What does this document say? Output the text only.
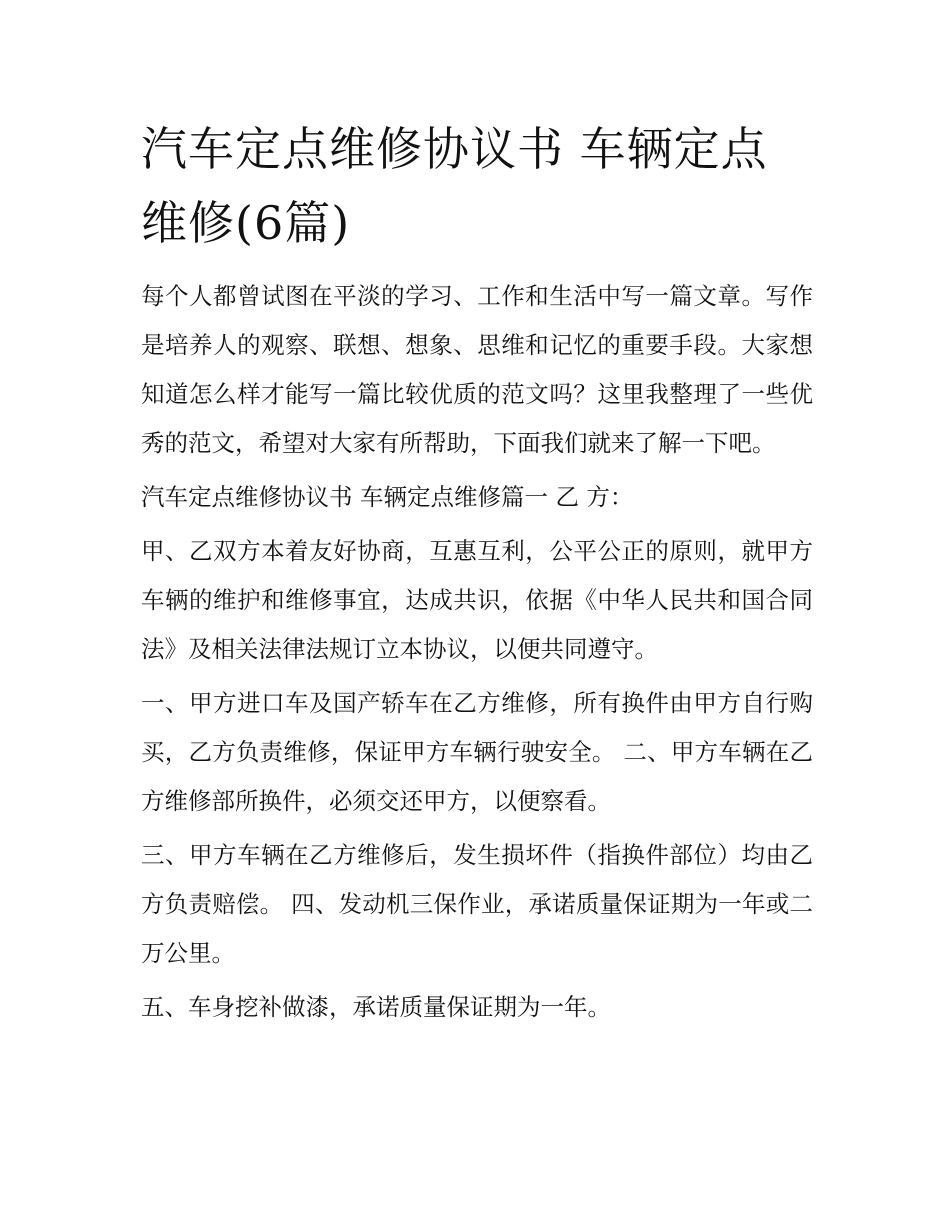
汽车定点维修协议书 车辆定点维修(6篇)

每个人都曾试图在平淡的学习、工作和生活中写一篇文章。写作是培养人的观察、联想、想象、思维和记忆的重要手段。大家想知道怎么样才能写一篇比较优质的范文吗？这里我整理了一些优秀的范文，希望对大家有所帮助，下面我们就来了解一下吧。

汽车定点维修协议书 车辆定点维修篇一 乙 方：

甲、乙双方本着友好协商，互惠互利，公平公正的原则，就甲方车辆的维护和维修事宜，达成共识，依据《中华人民共和国合同法》及相关法律法规订立本协议，以便共同遵守。

一、甲方进口车及国产轿车在乙方维修，所有换件由甲方自行购买，乙方负责维修，保证甲方车辆行驶安全。 二、甲方车辆在乙方维修部所换件，必须交还甲方，以便察看。

三、甲方车辆在乙方维修后，发生损坏件（指换件部位）均由乙方负责赔偿。 四、发动机三保作业，承诺质量保证期为一年或二万公里。

五、车身挖补做漆，承诺质量保证期为一年。
